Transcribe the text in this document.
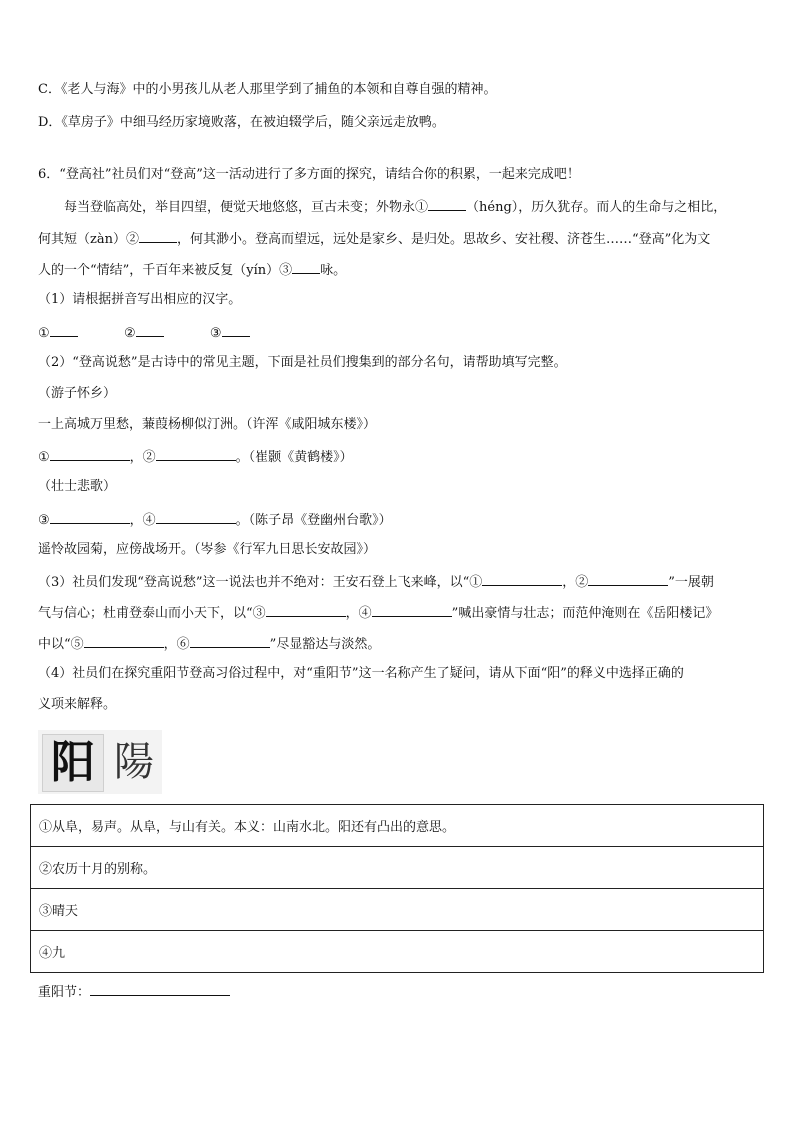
C．《老人与海》中的小男孩儿从老人那里学到了捕鱼的本领和自尊自强的精神。
D．《草房子》中细马经历家境败落，在被迫辍学后，随父亲远走放鸭。
6．“登高社”社员们对“登高”这一活动进行了多方面的探究，请结合你的积累，一起来完成吧！
每当登临高处，举目四望，便觉天地悠悠，亘古未变；外物永①	（héng），历久犹存。而人的生命与之相比，
何其短（zàn）②	，何其渺小。登高而望远，远处是家乡、是归处。思故乡、安社稷、济苍生……“登高”化为文
人的一个“情结”，千百年来被反复（yín）③ 咏。
（1）请根据拼音写出相应的汉字。
①	②	③
（2）“登高说愁”是古诗中的常见主题，下面是社员们搜集到的部分名句，请帮助填写完整。
（游子怀乡）
一上高城万里愁，蒹葭杨柳似汀洲。（许浑《咸阳城东楼》）
①	，②	。（崔颢《黄鹤楼》）
（壮士悲歌）
③	，④	。（陈子昂《登幽州台歌》）
遥怜故园菊，应傍战场开。（岑参《行军九日思长安故园》）
（3）社员们发现“登高说愁”这一说法也并不绝对：王安石登上飞来峰，以“①	，②	”一展朝
气与信心；杜甫登泰山而小天下，以“③	，④	”喊出豪情与壮志；而范仲淹则在《岳阳楼记》
中以“⑤	，⑥	”尽显豁达与淡然。
（4）社员们在探究重阳节登高习俗过程中，对“重阳节”这一名称产生了疑问，请从下面“阳”的释义中选择正确的
义项来解释。
阳 陽
①从阜，易声。从阜，与山有关。本义：山南水北。阳还有凸出的意思。
②农历十月的别称。
③晴天
④九
重阳节：
